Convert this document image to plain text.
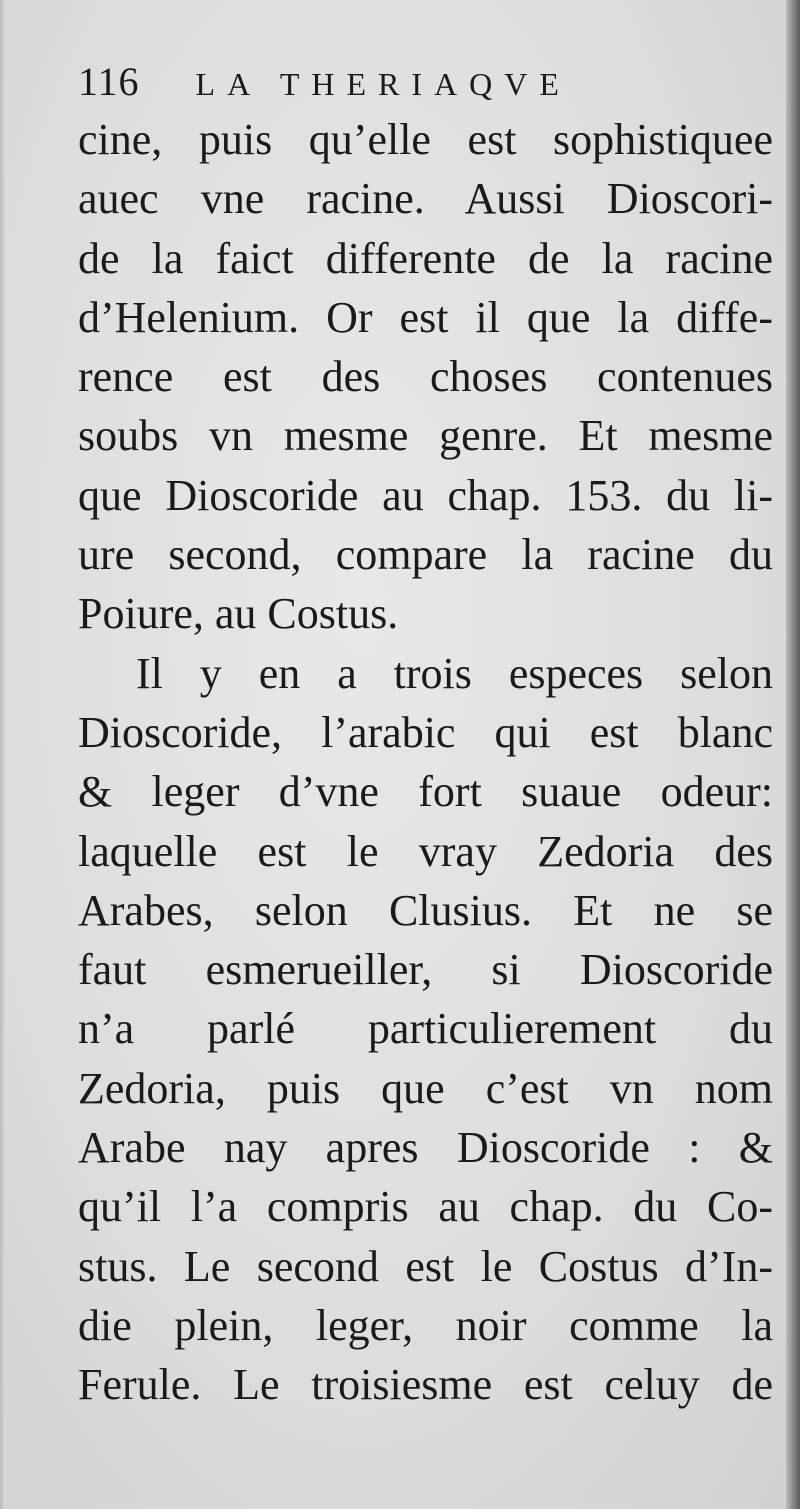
116 LA THERIAQVE
cine, puis qu’elle est sophistiquee
auec vne racine. Aussi Dioscori-
de la faict differente de la racine
d’Helenium. Or est il que la diffe-
rence est des choses contenues
soubs vn mesme genre. Et mesme
que Dioscoride au chap. 153. du li-
ure second, compare la racine du
Poiure, au Costus.
Il y en a trois especes selon
Dioscoride, l’arabic qui est blanc
& leger d’vne fort suaue odeur:
laquelle est le vray Zedoria des
Arabes, selon Clusius. Et ne se
faut esmerueiller, si Dioscoride
n’a parlé particulierement du
Zedoria, puis que c’est vn nom
Arabe nay apres Dioscoride : &
qu’il l’a compris au chap. du Co-
stus. Le second est le Costus d’In-
die plein, leger, noir comme la
Ferule. Le troisiesme est celuy de
